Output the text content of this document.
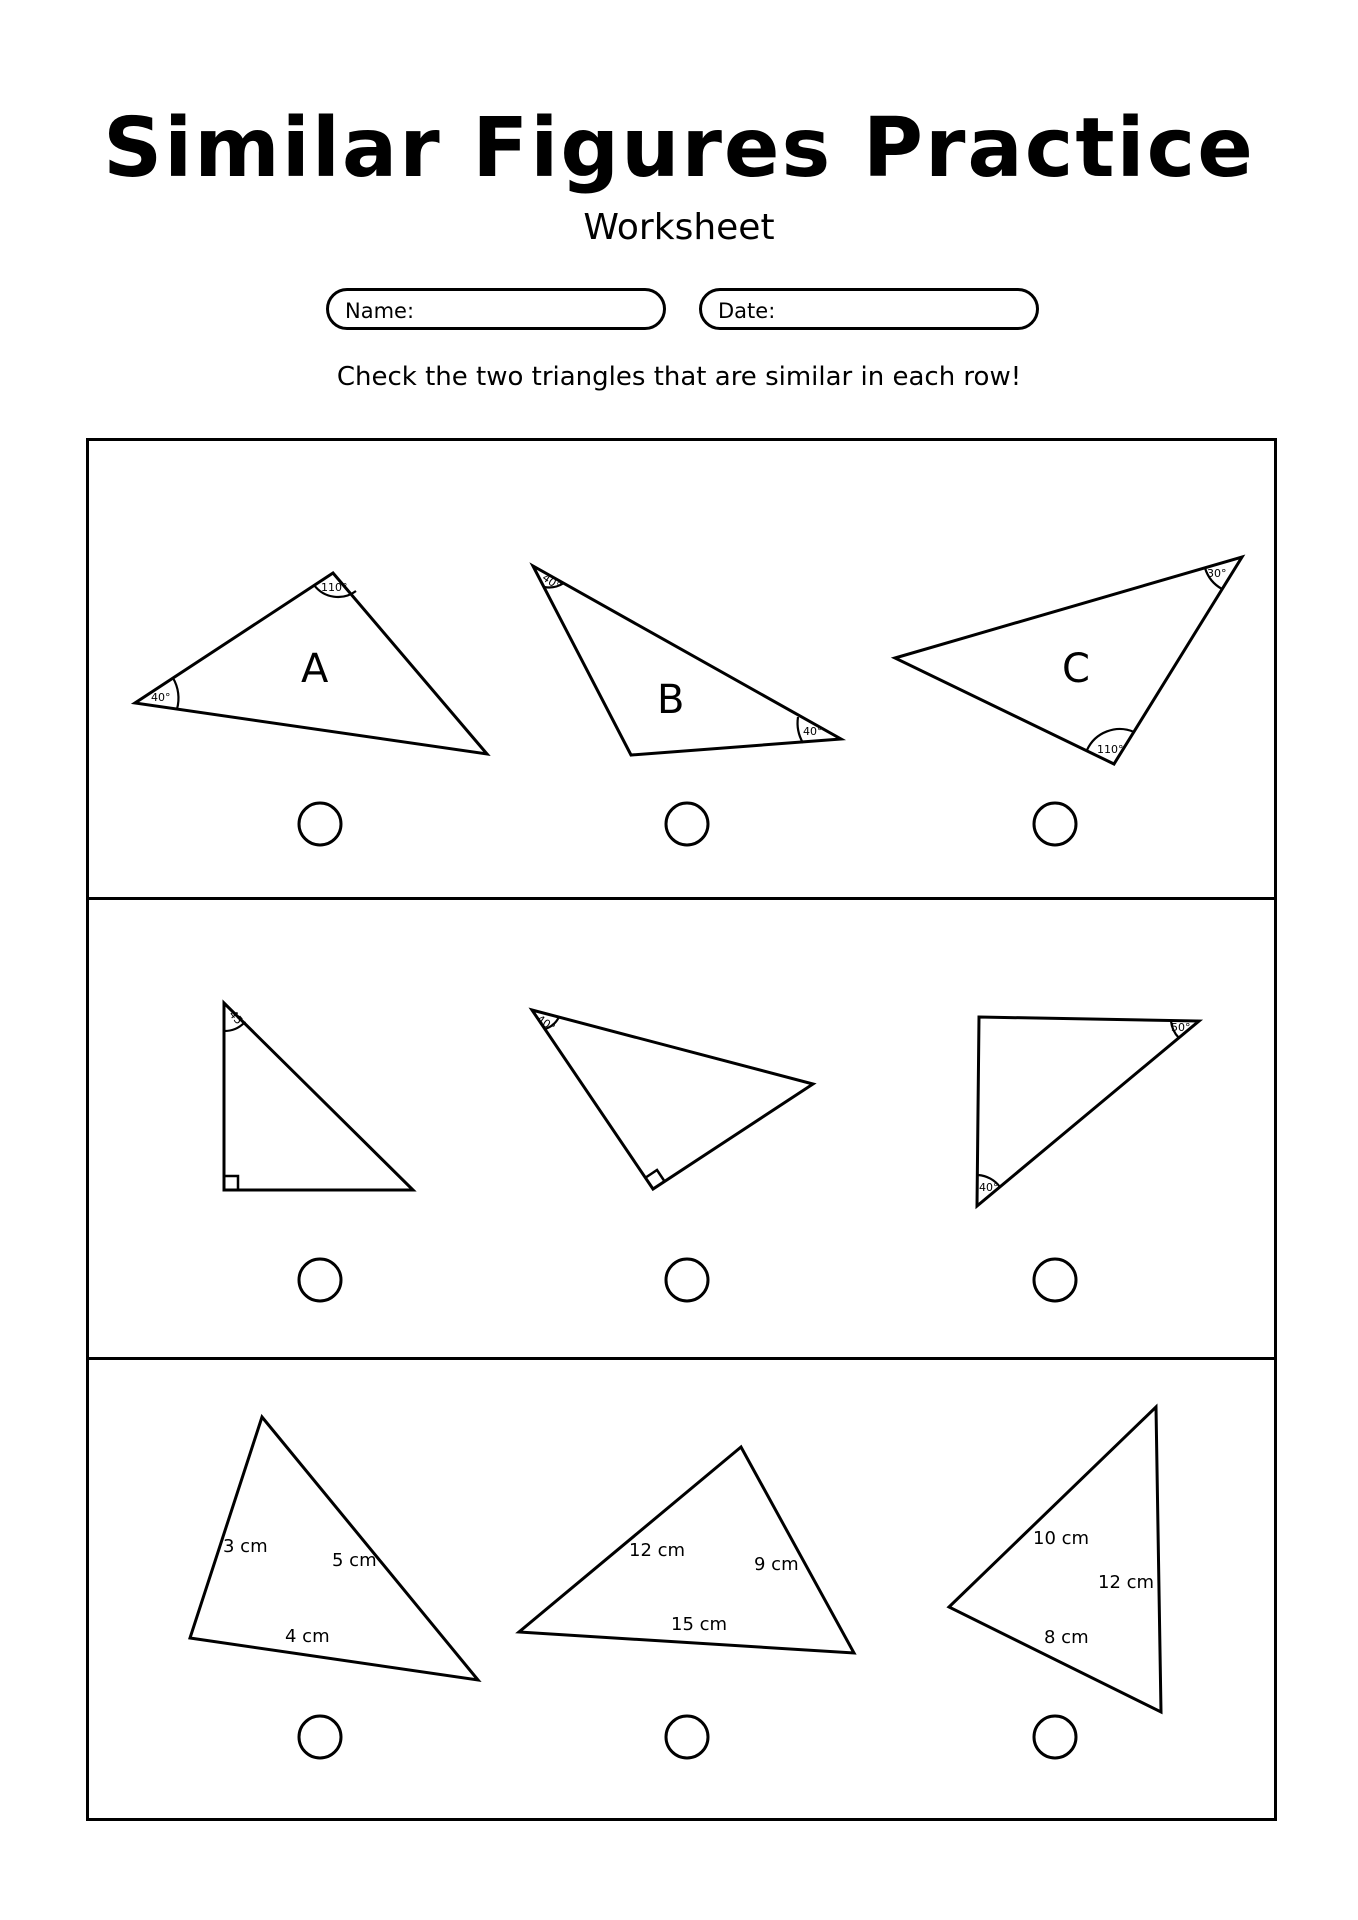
Similar Figures Practice
Worksheet
Name:	Date:
Check the two triangles that are similar in each row!
110°
40°
A
40°
40°
B
30°
110°
C
45°	40°	50°
40°
3 cm
5 cm
4 cm
12 cm
9 cm
15 cm
10 cm
12 cm
8 cm
